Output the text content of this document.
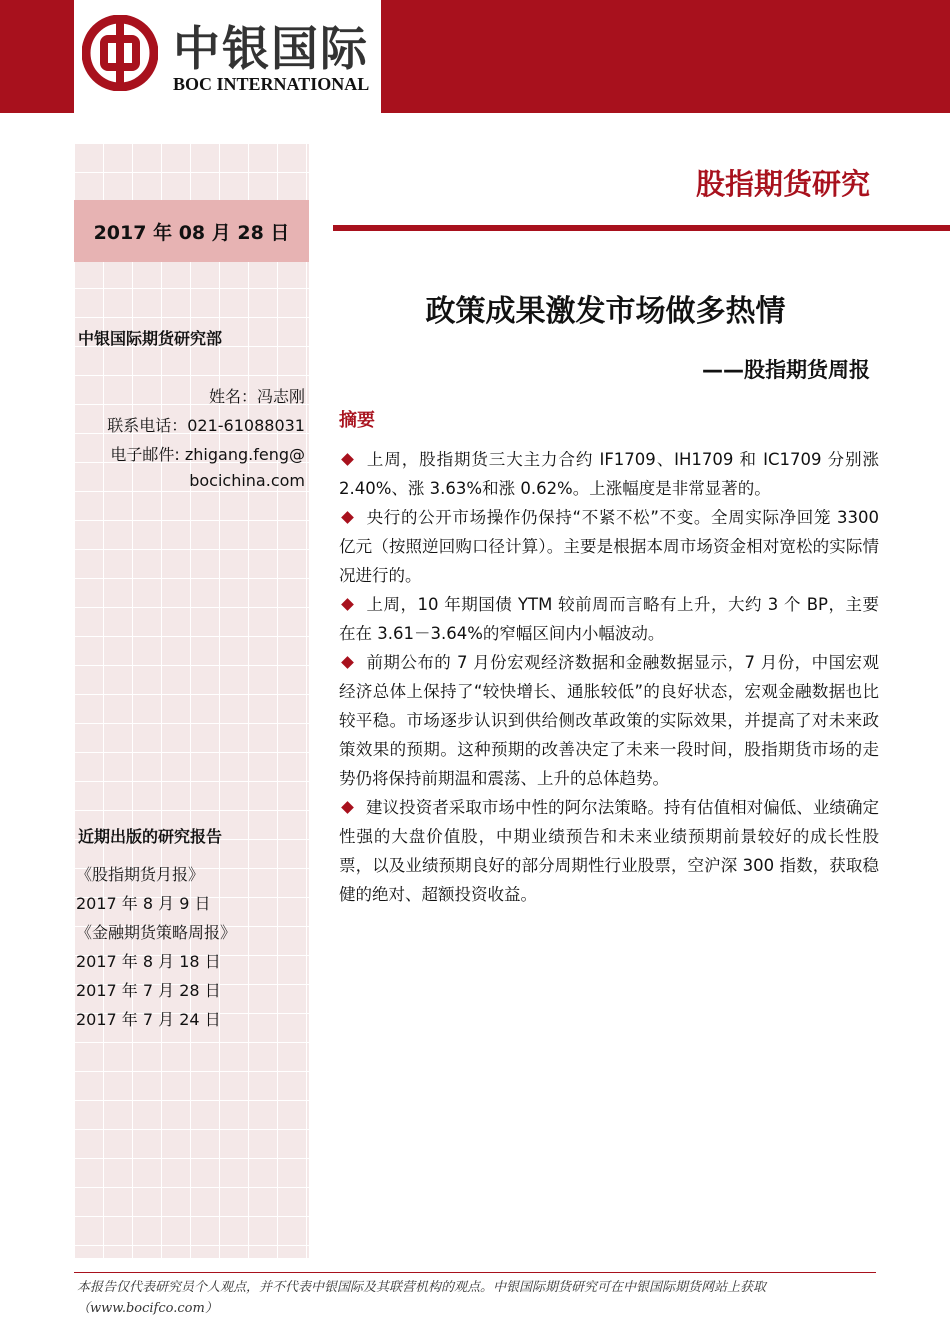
中银国际
BOC INTERNATIONAL
2017 年 08 月 28 日
中银国际期货研究部
姓名：冯志刚
联系电话：021-61088031
电子邮件: zhigang.feng@
bocichina.com
近期出版的研究报告
《股指期货月报》
2017 年 8 月 9 日
《金融期货策略周报》
2017 年 8 月 18 日
2017 年 7 月 28 日
2017 年 7 月 24 日
股指期货研究
政策成果激发市场做多热情
——股指期货周报
摘要
上周，股指期货三大主力合约 IF1709、IH1709 和 IC1709 分别涨 2.40%、涨 3.63%和涨 0.62%。上涨幅度是非常显著的。
央行的公开市场操作仍保持“不紧不松”不变。全周实际净回笼 3300 亿元（按照逆回购口径计算）。主要是根据本周市场资金相对宽松的实际情况进行的。
上周，10 年期国债 YTM 较前周而言略有上升，大约 3 个 BP，主要在在 3.61－3.64%的窄幅区间内小幅波动。
前期公布的 7 月份宏观经济数据和金融数据显示，7 月份，中国宏观经济总体上保持了“较快增长、通胀较低”的良好状态，宏观金融数据也比较平稳。市场逐步认识到供给侧改革政策的实际效果，并提高了对未来政策效果的预期。这种预期的改善决定了未来一段时间，股指期货市场的走势仍将保持前期温和震荡、上升的总体趋势。
建议投资者采取市场中性的阿尔法策略。持有估值相对偏低、业绩确定性强的大盘价值股，中期业绩预告和未来业绩预期前景较好的成长性股票，以及业绩预期良好的部分周期性行业股票，空沪深 300 指数，获取稳健的绝对、超额投资收益。
本报告仅代表研究员个人观点，并不代表中银国际及其联营机构的观点。中银国际期货研究可在中银国际期货网站上获取
（www.bocifco.com）
